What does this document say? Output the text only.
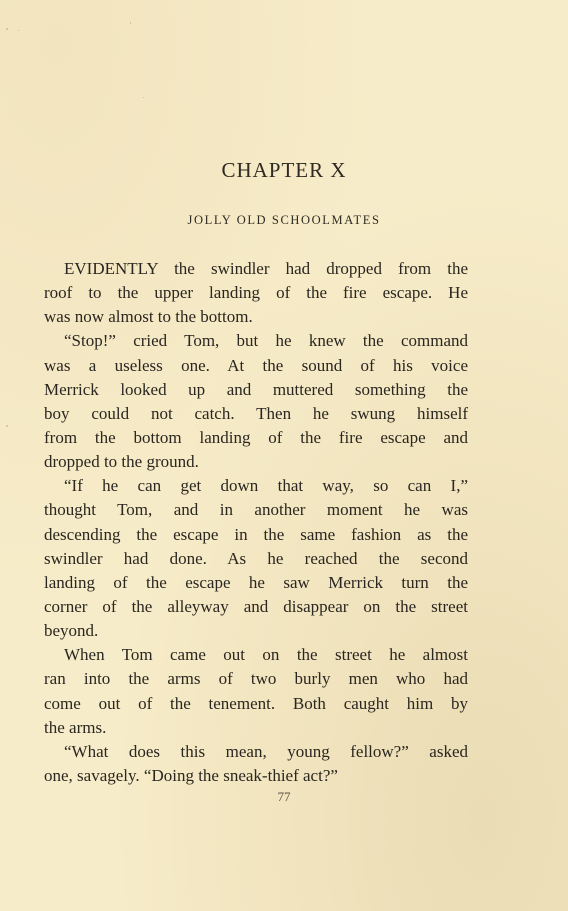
CHAPTER X
JOLLY OLD SCHOOLMATES
EVIDENTLY the swindler had dropped from the
roof to the upper landing of the fire escape. He
was now almost to the bottom.
“Stop!” cried Tom, but he knew the command
was a useless one. At the sound of his voice
Merrick looked up and muttered something the
boy could not catch. Then he swung himself
from the bottom landing of the fire escape and
dropped to the ground.
“If he can get down that way, so can I,”
thought Tom, and in another moment he was
descending the escape in the same fashion as the
swindler had done. As he reached the second
landing of the escape he saw Merrick turn the
corner of the alleyway and disappear on the street
beyond.
When Tom came out on the street he almost
ran into the arms of two burly men who had
come out of the tenement. Both caught him by
the arms.
“What does this mean, young fellow?” asked
one, savagely. “Doing the sneak-thief act?”
77
